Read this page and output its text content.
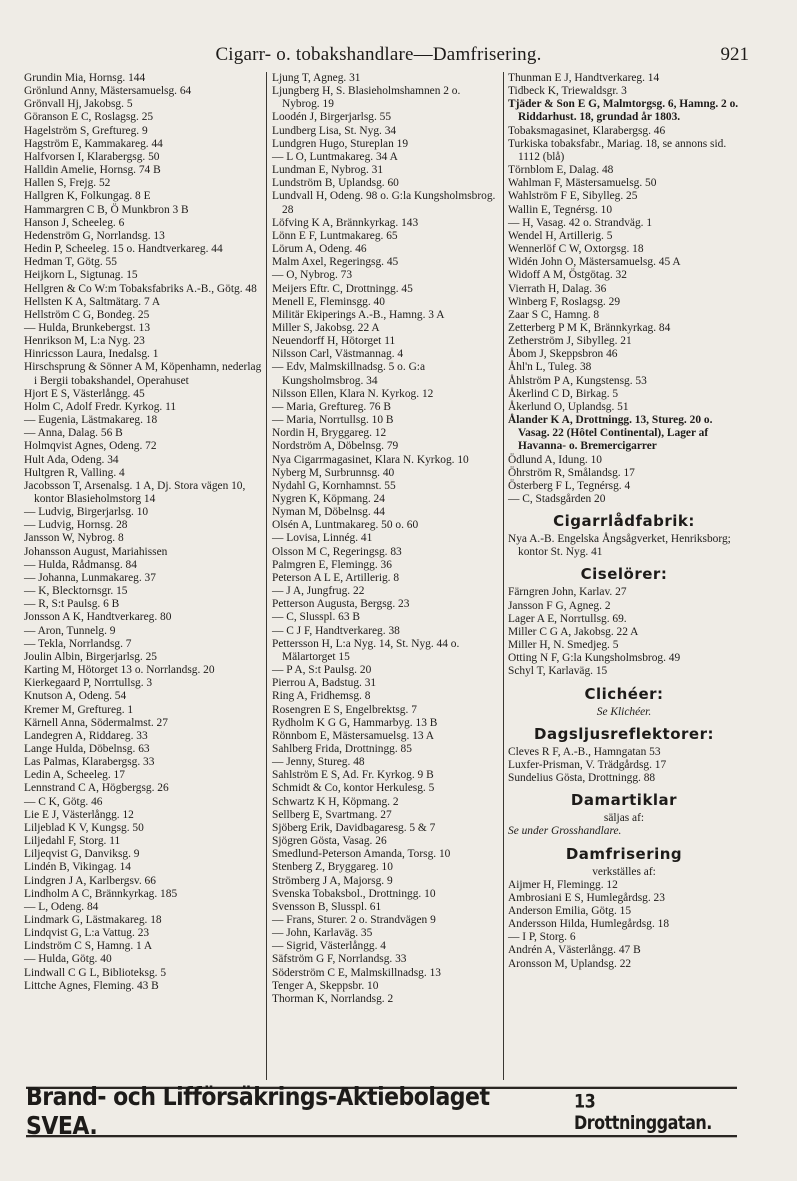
Cigarr- o. tobakshandlare—Damfrisering.	921
Grundin Mia, Hornsg. 144
Grönlund Anny, Mästersamuelsg. 64
Grönvall Hj, Jakobsg. 5
Göranson E C, Roslagsg. 25
Hagelström S, Greftureg. 9
Hagström E, Kammakareg. 44
Halfvorsen I, Klarabergsg. 50
Halldin Amelie, Hornsg. 74 B
Hallen S, Frejg. 52
Hallgren K, Folkungag. 8 E
Hammargren C B, Ö Munkbron 3 B
Hanson J, Scheeleg. 6
Hedenström G, Norrlandsg. 13
Hedin P, Scheeleg. 15 o. Handtverkareg. 44
Hedman T, Götg. 55
Heijkorn L, Sigtunag. 15
Hellgren & Co W:m Tobaksfabriks A.-B., Götg. 48
Hellsten K A, Saltmätarg. 7 A
Hellström C G, Bondeg. 25
— Hulda, Brunkebergst. 13
Henrikson M, L:a Nyg. 23
Hinricsson Laura, Inedalsg. 1
Hirschsprung & Sönner A M, Köpenhamn, nederlag i Bergii tobakshandel, Operahuset
Hjort E S, Västerlångg. 45
Holm C, Adolf Fredr. Kyrkog. 11
— Eugenia, Lästmakareg. 18
— Anna, Dalag. 56 B
Holmqvist Agnes, Odeng. 72
Hult Ada, Odeng. 34
Hultgren R, Valling. 4
Jacobsson T, Arsenalsg. 1 A, Dj. Stora vägen 10, kontor Blasieholmstorg 14
— Ludvig, Birgerjarlsg. 10
— Ludvig, Hornsg. 28
Jansson W, Nybrog. 8
Johansson August, Mariahissen
— Hulda, Rådmansg. 84
— Johanna, Lunmakareg. 37
— K, Blecktornsgr. 15
— R, S:t Paulsg. 6 B
Jonsson A K, Handtverkareg. 80
— Aron, Tunnelg. 9
— Tekla, Norrlandsg. 7
Joulin Albin, Birgerjarlsg. 25
Karting M, Hötorget 13 o. Norrlandsg. 20
Kierkegaard P, Norrtullsg. 3
Knutson A, Odeng. 54
Kremer M, Greftureg. 1
Kärnell Anna, Södermalmst. 27
Landegren A, Riddareg. 33
Lange Hulda, Döbelnsg. 63
Las Palmas, Klarabergsg. 33
Ledin A, Scheeleg. 17
Lennstrand C A, Högbergsg. 26
— C K, Götg. 46
Lie E J, Västerlångg. 12
Liljeblad K V, Kungsg. 50
Liljedahl F, Storg. 11
Liljeqvist G, Danviksg. 9
Lindén B, Vikingag. 14
Lindgren J A, Karlbergsv. 66
Lindholm A C, Brännkyrkag. 185
— L, Odeng. 84
Lindmark G, Lästmakareg. 18
Lindqvist G, L:a Vattug. 23
Lindström C S, Hamng. 1 A
— Hulda, Götg. 40
Lindwall C G L, Biblioteksg. 5
Littche Agnes, Fleming. 43 B
Ljung T, Agneg. 31
Ljungberg H, S. Blasieholmshamnen 2 o. Nybrog. 19
Loodén J, Birgerjarlsg. 55
Lundberg Lisa, St. Nyg. 34
Lundgren Hugo, Stureplan 19
— L O, Luntmakareg. 34 A
Lundman E, Nybrog. 31
Lundström B, Uplandsg. 60
Lundvall H, Odeng. 98 o. G:la Kungsholmsbrog. 28
Löfving K A, Brännkyrkag. 143
Lönn E F, Luntmakareg. 65
Lörum A, Odeng. 46
Malm Axel, Regeringsg. 45
— O, Nybrog. 73
Meijers Eftr. C, Drottningg. 45
Menell E, Fleminsgg. 40
Militär Ekiperings A.-B., Hamng. 3 A
Miller S, Jakobsg. 22 A
Neuendorff H, Hötorget 11
Nilsson Carl, Västmannag. 4
— Edv, Malmskillnadsg. 5 o. G:a Kungsholmsbrog. 34
Nilsson Ellen, Klara N. Kyrkog. 12
— Maria, Greftureg. 76 B
— Maria, Norrtullsg. 10 B
Nordin H, Bryggareg. 12
Nordström A, Döbelnsg. 79
Nya Cigarrmagasinet, Klara N. Kyrkog. 10
Nyberg M, Surbrunnsg. 40
Nydahl G, Kornhamnst. 55
Nygren K, Köpmang. 24
Nyman M, Döbelnsg. 44
Olsén A, Luntmakareg. 50 o. 60
— Lovisa, Linnég. 41
Olsson M C, Regeringsg. 83
Palmgren E, Flemingg. 36
Peterson A L E, Artillerig. 8
— J A, Jungfrug. 22
Petterson Augusta, Bergsg. 23
— C, Slusspl. 63 B
— C J F, Handtverkareg. 38
Pettersson H, L:a Nyg. 14, St. Nyg. 44 o. Mälartorget 15
— P A, S:t Paulsg. 20
Pierrou A, Badstug. 31
Ring A, Fridhemsg. 8
Rosengren E S, Engelbrektsg. 7
Rydholm K G G, Hammarbyg. 13 B
Rönnbom E, Mästersamuelsg. 13 A
Sahlberg Frida, Drottningg. 85
— Jenny, Stureg. 48
Sahlström E S, Ad. Fr. Kyrkog. 9 B
Schmidt & Co, kontor Herkulesg. 5
Schwartz K H, Köpmang. 2
Sellberg E, Svartmang. 27
Sjöberg Erik, Davidbagaresg. 5 & 7
Sjögren Gösta, Vasag. 26
Smedlund-Peterson Amanda, Torsg. 10
Stenberg Z, Bryggareg. 10
Strömberg J A, Majorsg. 9
Svenska Tobaksbol., Drottningg. 10
Svensson B, Slusspl. 61
— Frans, Sturег. 2 o. Strandvägen 9
— John, Karlaväg. 35
— Sigrid, Västerlångg. 4
Säfström G F, Norrlandsg. 33
Söderström C E, Malmskillnadsg. 13
Tenger A, Skeppsbr. 10
Thorman K, Norrlandsg. 2
Thunman E J, Handtverkareg. 14
Tidbeck K, Triewaldsgr. 3
Tjäder & Son E G, Malmtorgsg. 6, Hamng. 2 o. Riddarhust. 18, grundad år 1803.
Tobaksmagasinet, Klarabergsg. 46
Turkiska tobaksfabr., Mariag. 18, se annons sid. 1112 (blå)
Törnblom E, Dalag. 48
Wahlman F, Mästersamuelsg. 50
Wahlström F E, Sibylleg. 25
Wallin E, Tegnérsg. 10
— H, Vasag. 42 o. Strandväg. 1
Wendel H, Artillerig. 5
Wennerlöf C W, Oxtorgsg. 18
Widén John O, Mästersamuelsg. 45 A
Widoff A M, Östgötag. 32
Vierrath H, Dalag. 36
Winberg F, Roslagsg. 29
Zaar S C, Hamng. 8
Zetterberg P M K, Brännkyrkag. 84
Zetherström J, Sibylleg. 21
Åbom J, Skeppsbron 46
Åhl'n L, Tuleg. 38
Åhlström P A, Kungstensg. 53
Åkerlind C D, Birkag. 5
Åkerlund O, Uplandsg. 51
Ålander K A, Drottningg. 13, Stureg. 20 o. Vasag. 22 (Hôtel Continental), Lager af Havanna- o. Bremercigarrer
Ödlund A, Idung. 10
Öhrström R, Smålandsg. 17
Österberg F L, Tegnérsg. 4
— C, Stadsgården 20
Cigarrlådfabrik:
Nya A.-B. Engelska Ångsågverket, Henriksborg; kontor St. Nyg. 41
Ciselörer:
Färngren John, Karlav. 27
Jansson F G, Agneg. 2
Lager A E, Norrtullsg. 69.
Miller C G A, Jakobsg. 22 A
Miller H, N. Smedjeg. 5
Otting N F, G:la Kungsholmsbrog. 49
Schyl T, Karlaväg. 15
Clichéer:
Se Klichéer.
Dagsljusreflektorer:
Cleves R F, A.-B., Hamngatan 53
Luxfer-Prisman, V. Trädgårdsg. 17
Sundelius Gösta, Drottningg. 88
Damartiklar
säljas af:
Se under Grosshandlare.
Damfrisering
verkställes af:
Aijmer H, Flemingg. 12
Ambrosiani E S, Humlegårdsg. 23
Anderson Emilia, Götg. 15
Andersson Hilda, Humlegårdsg. 18
— I P, Storg. 6
Andrén A, Västerlångg. 47 B
Aronsson M, Uplandsg. 22
Brand- och Lifförsäkrings-Aktiebolaget SVEA.
13 Drottninggatan.
